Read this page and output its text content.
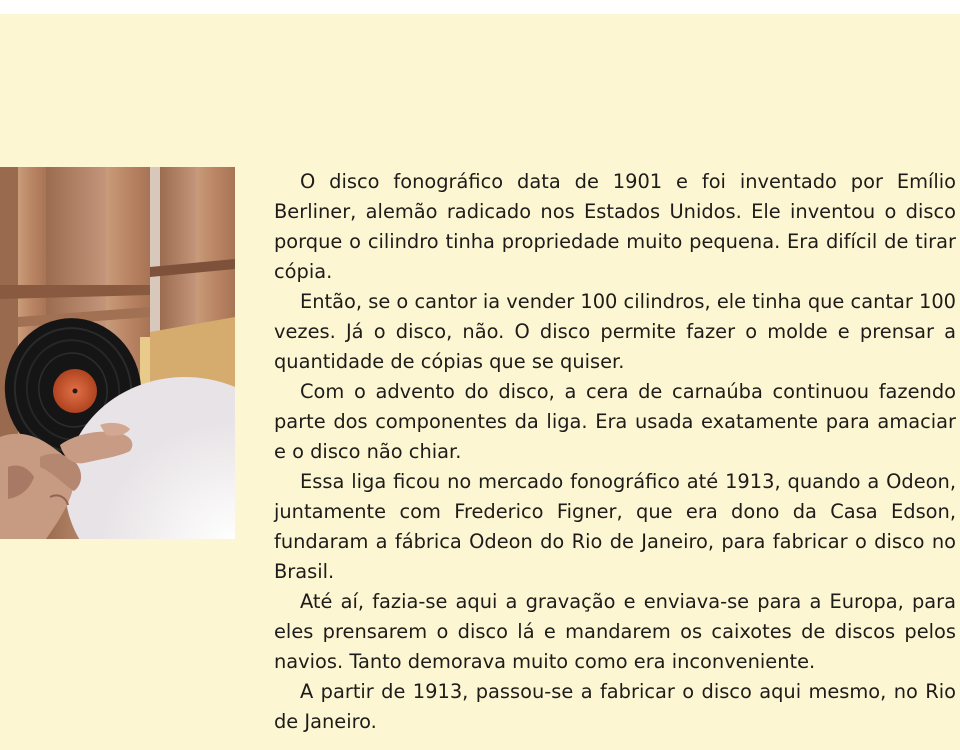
O disco fonográfico data de 1901 e foi inventado por Emílio Berliner, alemão radicado nos Estados Unidos. Ele inventou o disco porque o cilindro tinha propriedade muito pequena. Era difícil de tirar cópia.

Então, se o cantor ia vender 100 cilindros, ele tinha que cantar 100 vezes. Já o disco, não. O disco permite fazer o molde e prensar a quantidade de cópias que se quiser.

Com o advento do disco, a cera de carnaúba continuou fazendo parte dos componentes da liga. Era usada exatamente para amaciar e o disco não chiar.

Essa liga ficou no mercado fonográfico até 1913, quando a Odeon, juntamente com Frederico Figner, que era dono da Casa Edson, fundaram a fábrica Odeon do Rio de Janeiro, para fabricar o disco no Brasil.

Até aí, fazia-se aqui a gravação e enviava-se para a Europa, para eles prensarem o disco lá e mandarem os caixotes de discos pelos navios. Tanto demorava muito como era inconveniente.

A partir de 1913, passou-se a fabricar o disco aqui mesmo, no Rio de Janeiro.
